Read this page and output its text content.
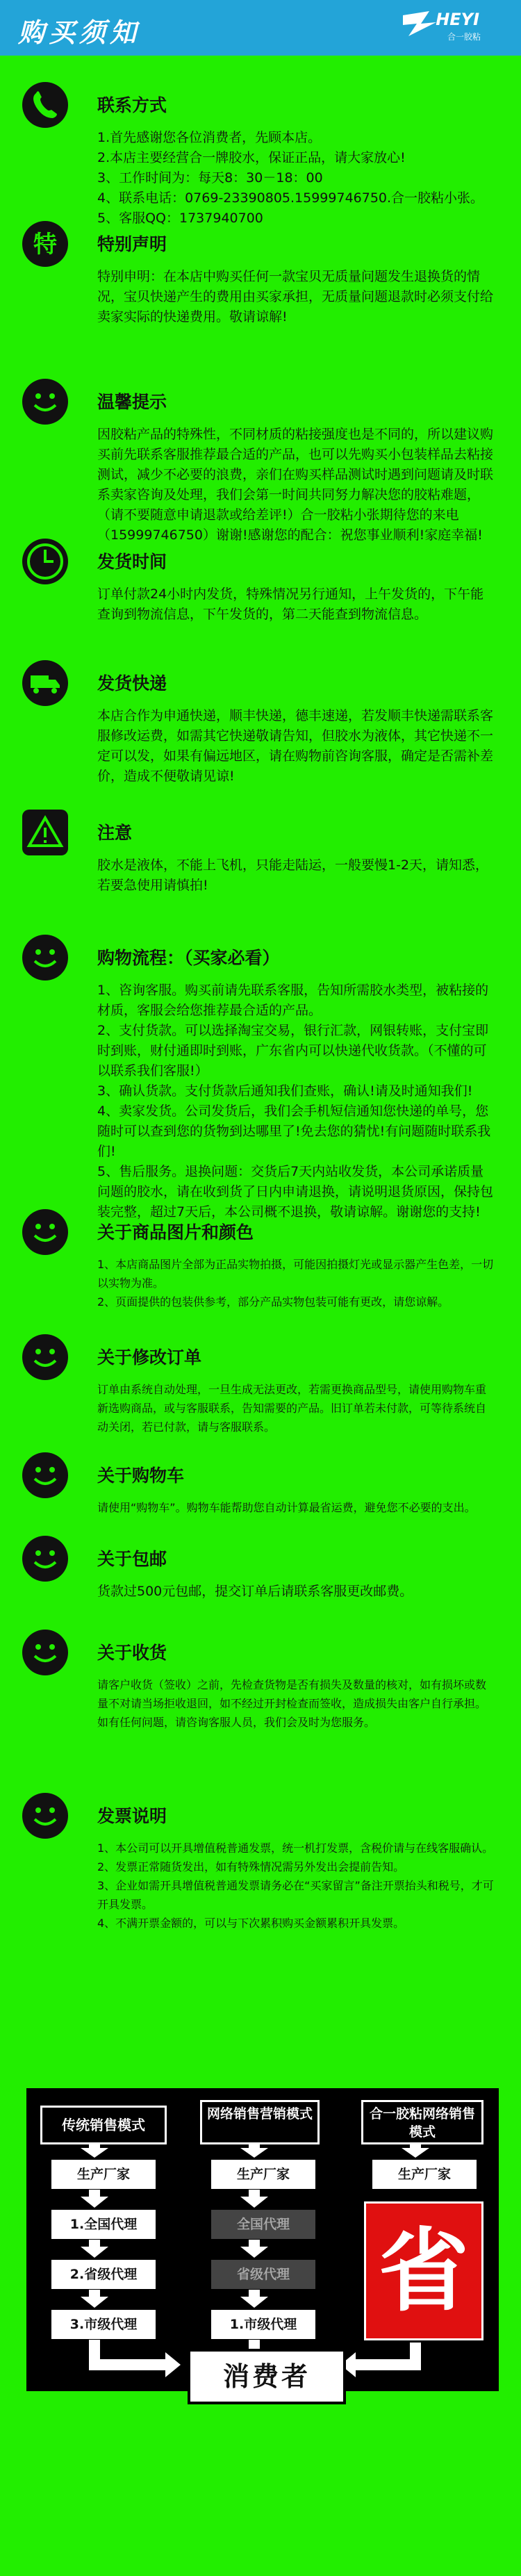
购买须知	HEYI
合一胶粘
联系方式
1.首先感谢您各位消费者，先顾本店。
2.本店主要经营合一牌胶水，保证正品，请大家放心!
3、工作时间为：每天8：30－18：00
4、联系电话：0769-23390805.15999746750.合一胶粘小张。
5、客服QQ：1737940700
特 特别声明
特别申明：在本店中购买任何一款宝贝无质量问题发生退换货的情况，宝贝快递产生的费用由买家承担，无质量问题退款时必须支付给卖家实际的快递费用。敬请谅解!
温馨提示
因胶粘产品的特殊性，不同材质的粘接强度也是不同的，所以建议购买前先联系客服推荐最合适的产品，也可以先购买小包装样品去粘接测试，减少不必要的浪费，亲们在购买样品测试时遇到问题请及时联系卖家咨询及处理，我们会第一时间共同努力解决您的胶粘难题，（请不要随意申请退款或给差评!）合一胶粘小张期待您的来电（15999746750）谢谢!感谢您的配合：祝您事业顺利!家庭幸福!
发货时间
订单付款24小时内发货，特殊情况另行通知，上午发货的，下午能查询到物流信息，下午发货的，第二天能查到物流信息。
发货快递
本店合作为申通快递，顺丰快递，德丰速递，若发顺丰快递需联系客服修改运费，如需其它快递敬请告知，但胶水为液体，其它快递不一定可以发，如果有偏远地区，请在购物前咨询客服，确定是否需补差价，造成不便敬请见谅!
注意
胶水是液体，不能上飞机，只能走陆运，一般要慢1-2天，请知悉，若要急使用请慎拍!
购物流程：（买家必看）
1、咨询客服。购买前请先联系客服，告知所需胶水类型，被粘接的材质，客服会给您推荐最合适的产品。
2、支付货款。可以选择淘宝交易，银行汇款，网银转账，支付宝即时到账，财付通即时到账，广东省内可以快递代收货款。（不懂的可以联系我们客服!）
3、确认货款。支付货款后通知我们查账，确认!请及时通知我们!
4、卖家发货。公司发货后，我们会手机短信通知您快递的单号，您随时可以查到您的货物到达哪里了!免去您的猜忧!有问题随时联系我们!
5、售后服务。退换问题：交货后7天内站收发货，本公司承诺质量问题的胶水，请在收到货了日内申请退换，请说明退货原因，保持包装完整，超过7天后，本公司概不退换，敬请谅解。谢谢您的支持!
关于商品图片和颜色
1、本店商品图片全部为正品实物拍摄，可能因拍摄灯光或显示器产生色差，一切以实物为准。
2、页面提供的包装供参考，部分产品实物包装可能有更改，请您谅解。
关于修改订单
订单由系统自动处理，一旦生成无法更改，若需更换商品型号，请使用购物车重新选购商品，或与客服联系，告知需要的产品。旧订单若未付款，可等待系统自动关闭，若已付款，请与客服联系。
关于购物车
请使用“购物车”。购物车能帮助您自动计算最省运费，避免您不必要的支出。
关于包邮
货款过500元包邮，提交订单后请联系客服更改邮费。
关于收货
请客户收货（签收）之前，先检查货物是否有损失及数量的核对，如有损坏或数量不对请当场拒收退回，如不经过开封检查而签收，造成损失由客户自行承担。如有任何问题，请咨询客服人员，我们会及时为您服务。
发票说明
1、本公司可以开具增值税普通发票，统一机打发票，含税价请与在线客服确认。
2、发票正常随货发出，如有特殊情况需另外发出会提前告知。
3、企业如需开具增值税普通发票请务必在“买家留言”备注开票抬头和税号，才可开具发票。
4、不满开票金额的，可以与下次累积购买金额累积开具发票。
传统销售模式
网络销售营销模式	合一胶粘网络销售模式
生产厂家	生产厂家	生产厂家
1.全国代理
2.省级代理
3.市级代理
全国代理
省级代理
1.市级代理
省
消费者
